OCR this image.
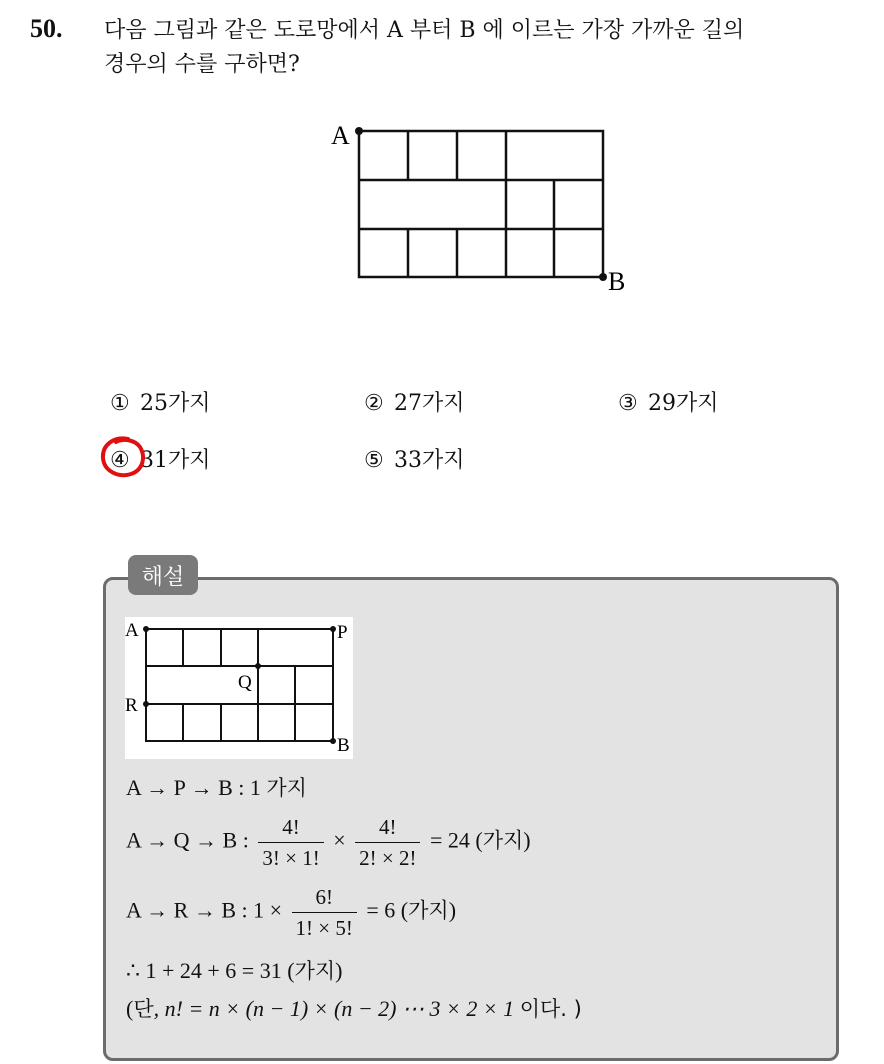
50. 다음 그림과 같은 도로망에서 A 부터 B 에 이르는 가장 가까운 길의
경우의 수를 구하면?
A
B
① 25가지	② 27가지	③ 29가지
④ 31가지	⑤ 33가지
해설
A	P
Q
R
B
A → P → B : 1 가지
A → Q → B : $\frac{4!}{3! \times 1!} \times \frac{4!}{2! \times 2!} = 24$ (가지)
A → R → B : $1 \times \frac{6!}{1! \times 5!} = 6$ (가지)
∴ 1 + 24 + 6 = 31 (가지)
(단, n! = n × (n − 1) × (n − 2) ⋯ 3 × 2 × 1 이다. )
